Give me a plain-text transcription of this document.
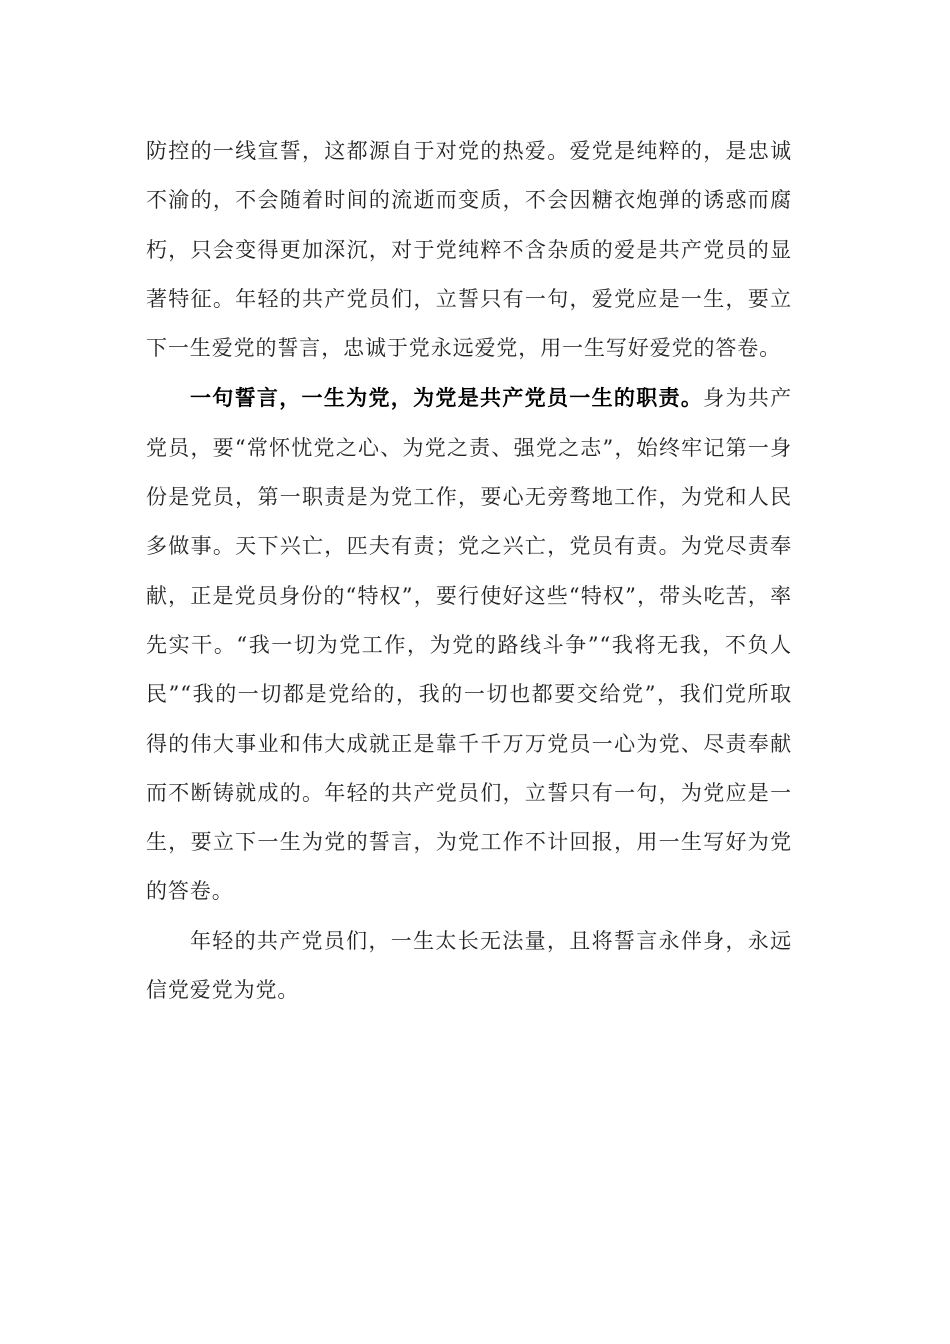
防控的一线宣誓，这都源自于对党的热爱。爱党是纯粹的，是忠诚不渝的，不会随着时间的流逝而变质，不会因糖衣炮弹的诱惑而腐朽，只会变得更加深沉，对于党纯粹不含杂质的爱是共产党员的显著特征。年轻的共产党员们，立誓只有一句，爱党应是一生，要立下一生爱党的誓言，忠诚于党永远爱党，用一生写好爱党的答卷。

一句誓言，一生为党，为党是共产党员一生的职责。身为共产党员，要“常怀忧党之心、为党之责、强党之志”，始终牢记第一身份是党员，第一职责是为党工作，要心无旁骛地工作，为党和人民多做事。天下兴亡，匹夫有责；党之兴亡，党员有责。为党尽责奉献，正是党员身份的“特权”，要行使好这些“特权”，带头吃苦，率先实干。“我一切为党工作，为党的路线斗争”“我将无我，不负人民”“我的一切都是党给的，我的一切也都要交给党”，我们党所取得的伟大事业和伟大成就正是靠千千万万党员一心为党、尽责奉献而不断铸就成的。年轻的共产党员们，立誓只有一句，为党应是一生，要立下一生为党的誓言，为党工作不计回报，用一生写好为党的答卷。

年轻的共产党员们，一生太长无法量，且将誓言永伴身，永远信党爱党为党。
